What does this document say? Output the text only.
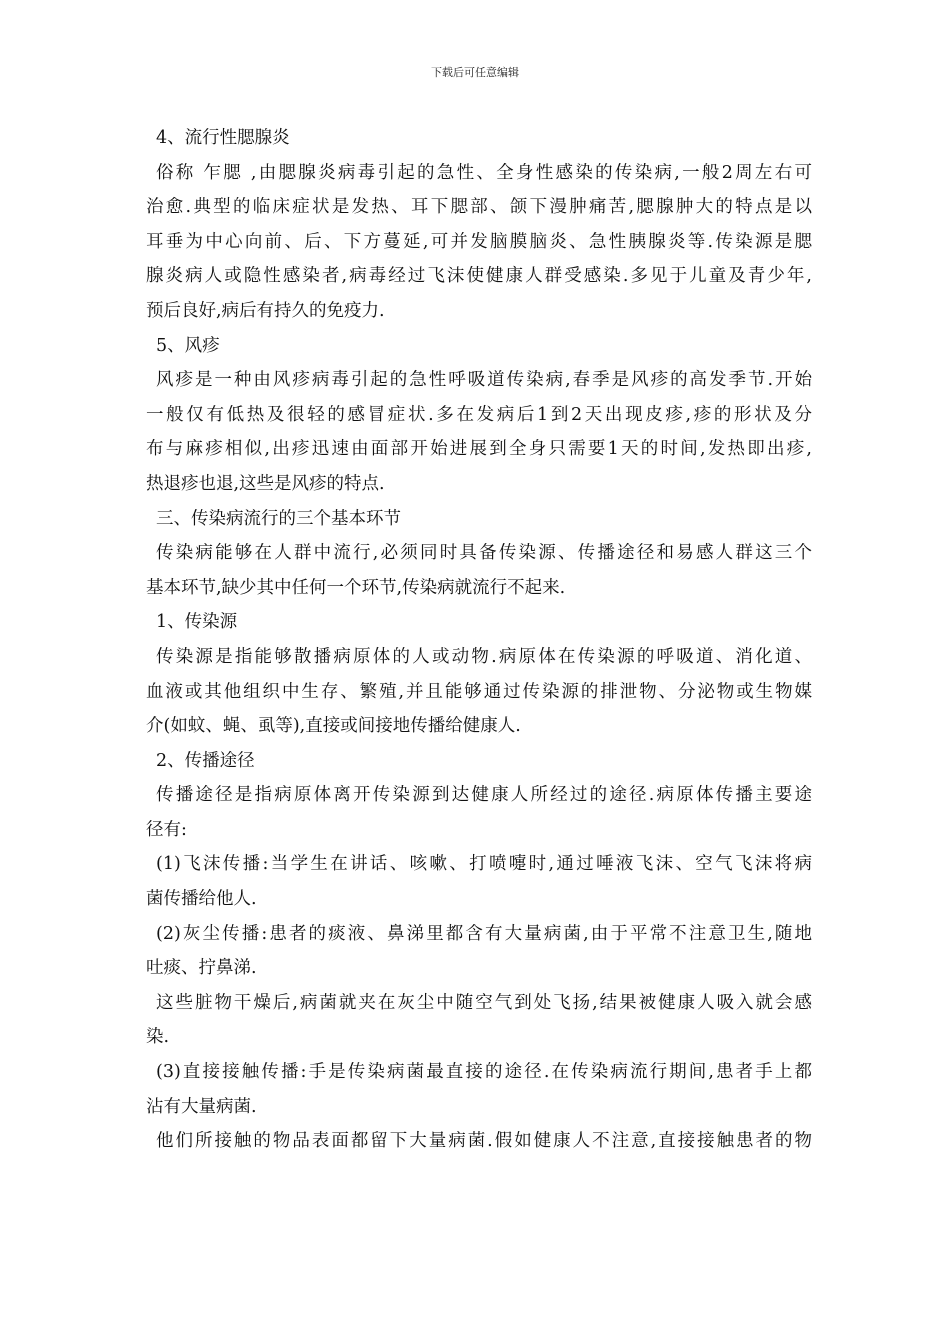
下载后可任意编辑
4、流行性腮腺炎
俗称 乍腮 ,由腮腺炎病毒引起的急性、全身性感染的传染病,一般2周左右可
治愈.典型的临床症状是发热、耳下腮部、颌下漫肿痛苦,腮腺肿大的特点是以
耳垂为中心向前、后、下方蔓延,可并发脑膜脑炎、急性胰腺炎等.传染源是腮
腺炎病人或隐性感染者,病毒经过飞沫使健康人群受感染.多见于儿童及青少年,
预后良好,病后有持久的免疫力.
5、风疹
风疹是一种由风疹病毒引起的急性呼吸道传染病,春季是风疹的高发季节.开始
一般仅有低热及很轻的感冒症状.多在发病后1到2天出现皮疹,疹的形状及分
布与麻疹相似,出疹迅速由面部开始进展到全身只需要1天的时间,发热即出疹,
热退疹也退,这些是风疹的特点.
三、传染病流行的三个基本环节
传染病能够在人群中流行,必须同时具备传染源、传播途径和易感人群这三个
基本环节,缺少其中任何一个环节,传染病就流行不起来.
1、传染源
传染源是指能够散播病原体的人或动物.病原体在传染源的呼吸道、消化道、
血液或其他组织中生存、繁殖,并且能够通过传染源的排泄物、分泌物或生物媒
介(如蚊、蝇、虱等),直接或间接地传播给健康人.
2、传播途径
传播途径是指病原体离开传染源到达健康人所经过的途径.病原体传播主要途
径有:
(1)飞沫传播:当学生在讲话、咳嗽、打喷嚏时,通过唾液飞沫、空气飞沫将病
菌传播给他人.
(2)灰尘传播:患者的痰液、鼻涕里都含有大量病菌,由于平常不注意卫生,随地
吐痰、拧鼻涕.
这些脏物干燥后,病菌就夹在灰尘中随空气到处飞扬,结果被健康人吸入就会感
染.
(3)直接接触传播:手是传染病菌最直接的途径.在传染病流行期间,患者手上都
沾有大量病菌.
他们所接触的物品表面都留下大量病菌.假如健康人不注意,直接接触患者的物
